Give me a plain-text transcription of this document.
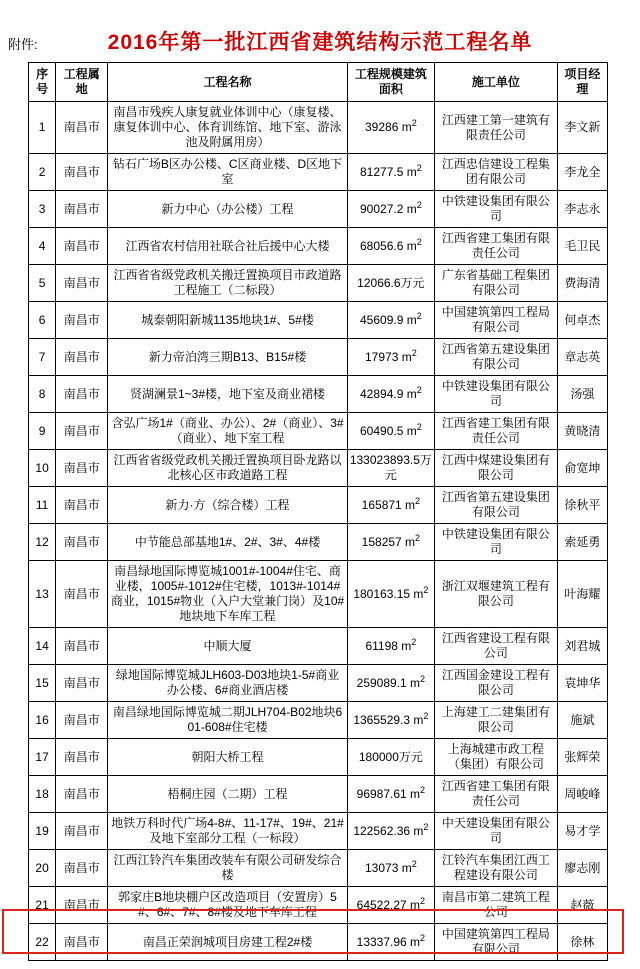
附件:	2016年第一批江西省建筑结构示范工程名单
序号	工程属地	工程名称	工程规模建筑面积	施工单位	项目经理
1	南昌市	南昌市残疾人康复就业体训中心（康复楼、康复体训中心、体育训练馆、地下室、游泳池及附属用房）	39286 $m^2$	江西建工第一建筑有限责任公司	李文新
2	南昌市	钻石广场B区办公楼、C区商业楼、D区地下室	81277.5 $m^2$	江西忠信建设工程集团有限公司	李龙全
3	南昌市	新力中心（办公楼）工程	90027.2 $m^2$	中铁建设集团有限公司	李志永
4	南昌市	江西省农村信用社联合社后援中心大楼	68056.6 $m^2$	江西省建工集团有限责任公司	毛卫民
5	南昌市	江西省省级党政机关搬迁置换项目市政道路工程施工（二标段）	12066.6万元	广东省基础工程集团有限公司	费海清
6	南昌市	城泰朝阳新城1135地块1#、5#楼	45609.9 $m^2$	中国建筑第四工程局有限公司	何卓杰
7	南昌市	新力帝泊湾三期B13、B15#楼	17973 $m^2$	江西省第五建设集团有限公司	章志英
8	南昌市	贤湖澜景1~3#楼，地下室及商业裙楼	42894.9 $m^2$	中铁建设集团有限公司	汤强
9	南昌市	含弘广场1#（商业、办公）、2#（商业）、3#（商业）、地下室工程	60490.5 $m^2$	江西省建工集团有限责任公司	黄晓清
10	南昌市	江西省省级党政机关搬迁置换项目卧龙路以北核心区市政道路工程	133023893.5万元	江西中煤建设集团有限公司	俞宽坤
11	南昌市	新力·方（综合楼）工程	165871 $m^2$	江西省第五建设集团有限公司	徐秋平
12	南昌市	中节能总部基地1#、2#、3#、4#楼	158257 $m^2$	中铁建设集团有限公司	索延勇
13	南昌市	南昌绿地国际博览城1001#-1004#住宅、商业楼，1005#-1012#住宅楼，1013#-1014#商业，1015#物业（入户大堂兼门岗）及10#地块地下车库工程	180163.15 $m^2$	浙江双堰建筑工程有限公司	叶海耀
14	南昌市	中顺大厦	61198 $m^2$	江西省建设工程有限公司	刘君城
15	南昌市	绿地国际博览城JLH603-D03地块1-5#商业办公楼、6#商业酒店楼	259089.1 $m^2$	江西国金建设工程有限公司	袁坤华
16	南昌市	南昌绿地国际博览城二期JLH704-B02地块601-608#住宅楼	1365529.3 $m^2$	上海建工二建集团有限公司	施斌
17	南昌市	朝阳大桥工程	180000万元	上海城建市政工程（集团）有限公司	张辉荣
18	南昌市	梧桐庄园（二期）工程	96987.61 $m^2$	江西省建工集团有限责任公司	周峻峰
19	南昌市	地铁万科时代广场4-8#、11-17#、19#、21#及地下室部分工程（一标段）	122562.36 $m^2$	中天建设集团有限公司	易才学
20	南昌市	江西江铃汽车集团改装车有限公司研发综合楼	13073 $m^2$	江铃汽车集团江西工程建设有限公司	廖志刚
21	南昌市	郭家庄B地块棚户区改造项目（安置房）5#、6#、7#、8#楼及地下车库工程	64522.27 $m^2$	南昌市第二建筑工程公司	赵薇
22	南昌市	南昌正荣润城项目房建工程2#楼	13337.96 $m^2$	中国建筑第四工程局有限公司	徐林
